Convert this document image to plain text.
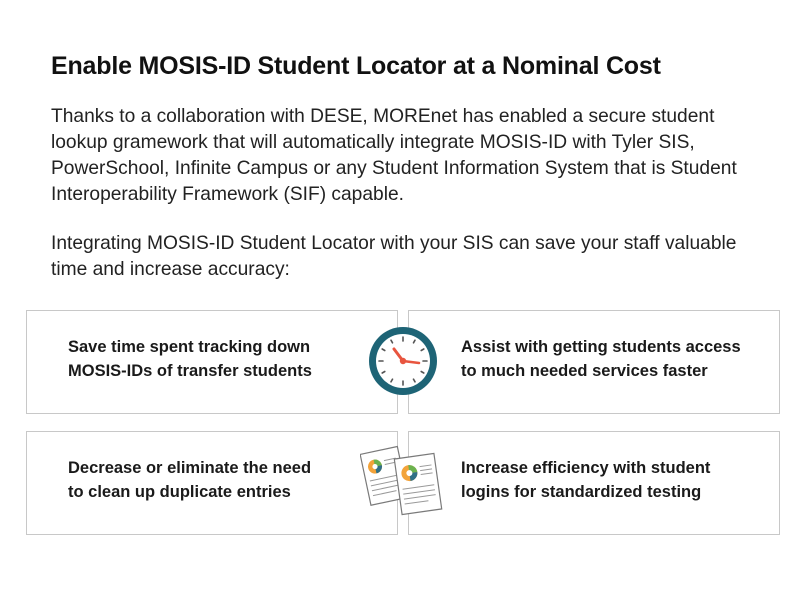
Enable MOSIS-ID Student Locator at a Nominal Cost

Thanks to a collaboration with DESE, MOREnet has enabled a secure student lookup gramework that will automatically integrate MOSIS-ID with Tyler SIS, PowerSchool, Infinite Campus or any Student Information System that is Student Interoperability Framework (SIF) capable.

Integrating MOSIS-ID Student Locator with your SIS can save your staff valuable time and increase accuracy:

Save time spent tracking down
MOSIS-IDs of transfer students

Assist with getting students access
to much needed services faster

Decrease or eliminate the need
to clean up duplicate entries

Increase efficiency with student
logins for standardized testing
